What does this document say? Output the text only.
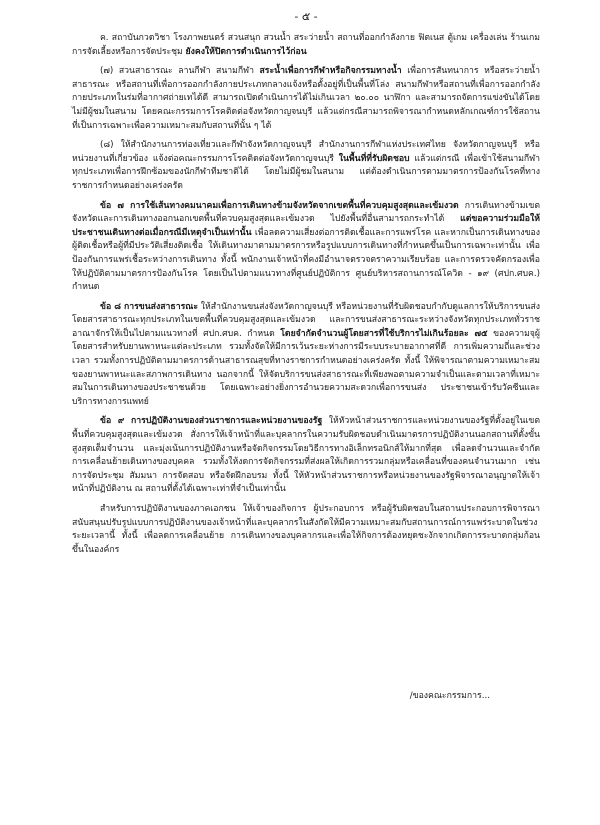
- ๕ -

ค. สถาบันกวดวิชา โรงภาพยนตร์ สวนสนุก สวนน้ำ สระว่ายน้ำ สถานที่ออกกำลังกาย ฟิตเนส ตู้เกม เครื่องเล่น ร้านเกม การจัดเลี้ยงหรือการจัดประชุม ยังคงให้ปิดการดำเนินการไว้ก่อน

(๗) สวนสาธารณะ ลานกีฬา สนามกีฬา สระน้ำเพื่อการกีฬาหรือกิจกรรมทางน้ำ เพื่อการสันทนาการ หรือสระว่ายน้ำสาธารณะ หรือสถานที่เพื่อการออกกำลังกายประเภทกลางแจ้งหรือตั้งอยู่ที่เป็นพื้นที่โล่ง สนามกีฬาหรือสถานที่เพื่อการออกกำลังกายประเภทในร่มที่อากาศถ่ายเทได้ดี สามารถเปิดดำเนินการได้ไม่เกินเวลา ๒๐.๐๐ นาฬิกา และสามารถจัดการแข่งขันได้โดยไม่มีผู้ชมในสนาม โดยคณะกรรมการโรคติดต่อจังหวัดกาญจนบุรี แล้วแต่กรณีสามารถพิจารณากำหนดหลักเกณฑ์การใช้สถานที่เป็นการเฉพาะเพื่อความเหมาะสมกับสถานที่นั้น ๆ ได้

(๘) ให้สำนักงานการท่องเที่ยวและกีฬาจังหวัดกาญจนบุรี สำนักงานการกีฬาแห่งประเทศไทย จังหวัดกาญจนบุรี หรือหน่วยงานที่เกี่ยวข้อง แจ้งต่อคณะกรรมการโรคติดต่อจังหวัดกาญจนบุรี ในพื้นที่ที่รับผิดชอบ แล้วแต่กรณี เพื่อเข้าใช้สนามกีฬาทุกประเภทเพื่อการฝึกซ้อมของนักกีฬาทีมชาติได้ โดยไม่มีผู้ชมในสนาม แต่ต้องดำเนินการตามมาตรการป้องกันโรคที่ทางราชการกำหนดอย่างเคร่งครัด

ข้อ ๗ การใช้เส้นทางคมนาคมเพื่อการเดินทางข้ามจังหวัดจากเขตพื้นที่ควบคุมสูงสุดและเข้มงวด การเดินทางข้ามเขตจังหวัดและการเดินทางออกนอกเขตพื้นที่ควบคุมสูงสุดและเข้มงวด ไปยังพื้นที่อื่นสามารถกระทำได้ แต่ขอความร่วมมือให้ประชาชนเดินทางต่อเมื่อกรณีมีเหตุจำเป็นเท่านั้น เพื่อลดความเสี่ยงต่อการติดเชื้อและการแพร่โรค และหากเป็นการเดินทางของผู้ติดเชื้อหรือผู้ที่มีประวัติเสี่ยงติดเชื้อ ให้เดินทางมาตามมาตรการหรือรูปแบบการเดินทางที่กำหนดขึ้นเป็นการเฉพาะเท่านั้น เพื่อป้องกันการแพร่เชื้อระหว่างการเดินทาง ทั้งนี้ พนักงานเจ้าหน้าที่คงมีอำนาจตรวจตราความเรียบร้อย และการตรวจคัดกรองเพื่อให้ปฏิบัติตามมาตรการป้องกันโรค โดยเป็นไปตามแนวทางที่ศูนย์ปฏิบัติการ ศูนย์บริหารสถานการณ์โควิด - ๑๙ (ศปก.ศบค.) กำหนด

ข้อ ๘ การขนส่งสาธารณะ ให้สำนักงานขนส่งจังหวัดกาญจนบุรี หรือหน่วยงานที่รับผิดชอบกำกับดูแลการให้บริการขนส่งโดยสารสาธารณะทุกประเภทในเขตพื้นที่ควบคุมสูงสุดและเข้มงวด และการขนส่งสาธารณะระหว่างจังหวัดทุกประเภททั่วราชอาณาจักรให้เป็นไปตามแนวทางที่ ศปก.ศบค. กำหนด โดยจำกัดจำนวนผู้โดยสารที่ใช้บริการไม่เกินร้อยละ ๗๕ ของความจุผู้โดยสารสำหรับยานพาหนะแต่ละประเภท รวมทั้งจัดให้มีการเว้นระยะห่างการมีระบบระบายอากาศที่ดี การเพิ่มความถี่และช่วงเวลา รวมทั้งการปฏิบัติตามมาตรการด้านสาธารณสุขที่ทางราชการกำหนดอย่างเคร่งครัด ทั้งนี้ ให้พิจารณาตามความเหมาะสมของยานพาหนะและสภาพการเดินทาง นอกจากนี้ ให้จัดบริการขนส่งสาธารณะที่เพียงพอตามความจำเป็นและตามเวลาที่เหมาะสมในการเดินทางของประชาชนด้วย โดยเฉพาะอย่างยิ่งการอำนวยความสะดวกเพื่อการขนส่ง ประชาชนเข้ารับวัคซีนและบริการทางการแพทย์

ข้อ ๙ การปฏิบัติงานของส่วนราชการและหน่วยงานของรัฐ ให้หัวหน้าส่วนราชการและหน่วยงานของรัฐที่ตั้งอยู่ในเขตพื้นที่ควบคุมสูงสุดและเข้มงวด สั่งการให้เจ้าหน้าที่และบุคลากรในความรับผิดชอบดำเนินมาตรการปฏิบัติงานนอกสถานที่ตั้งขั้นสูงสุดเต็มจำนวน และมุ่งเน้นการปฏิบัติงานหรือจัดกิจกรรมโดยวิธีการทางอิเล็กทรอนิกส์ให้มากที่สุด เพื่อลดจำนวนและจำกัดการเคลื่อนย้ายเดินทางของบุคคล รวมทั้งให้งดการจัดกิจกรรมที่ส่งผลให้เกิดการรวมกลุ่มหรือเคลื่อนที่ของคนจำนวนมาก เช่น การจัดประชุม สัมมนา การจัดสอบ หรือจัดฝึกอบรม ทั้งนี้ ให้หัวหน้าส่วนราชการหรือหน่วยงานของรัฐพิจารณาอนุญาตให้เจ้าหน้าที่ปฏิบัติงาน ณ สถานที่ตั้งได้เฉพาะเท่าที่จำเป็นเท่านั้น

สำหรับการปฏิบัติงานของภาคเอกชน ให้เจ้าของกิจการ ผู้ประกอบการ หรือผู้รับผิดชอบในสถานประกอบการพิจารณาสนับสนุนปรับรูปแบบการปฏิบัติงานของเจ้าหน้าที่และบุคลากรในสังกัดให้มีความเหมาะสมกับสถานการณ์การแพร่ระบาดในช่วงระยะเวลานี้ ทั้งนี้ เพื่อลดการเคลื่อนย้าย การเดินทางของบุคลากรและเพื่อให้กิจการต้องหยุดชะงักจากเกิดการระบาดกลุ่มก้อนขึ้นในองค์กร

/ของคณะกรรมการ...
